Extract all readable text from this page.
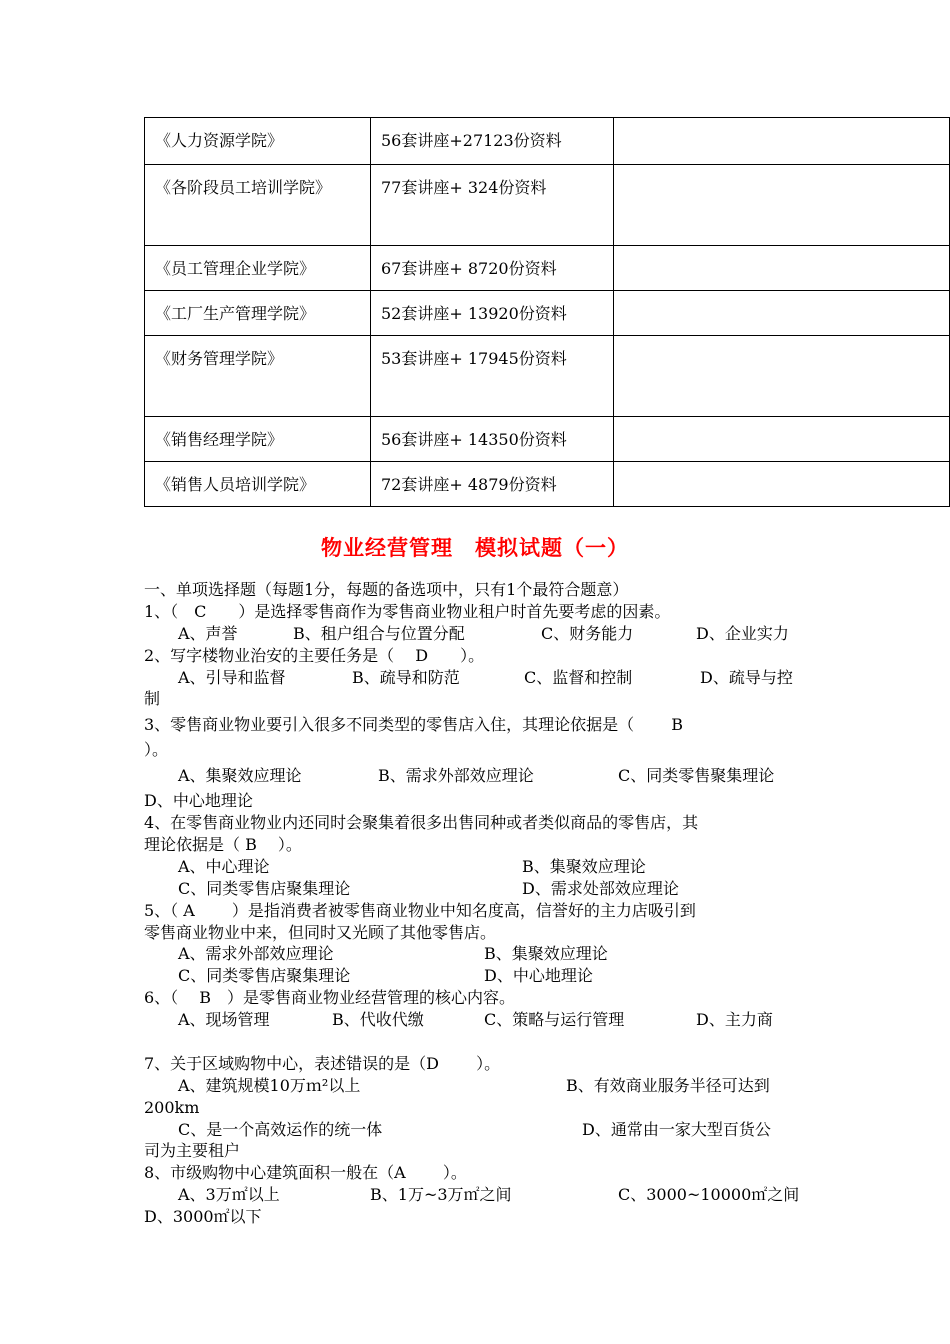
《人力资源学院》	56套讲座+27123份资料	

《各阶段员工培训学院》	77套讲座+ 324份资料	

《员工管理企业学院》	67套讲座+ 8720份资料	

《工厂生产管理学院》	52套讲座+ 13920份资料	

《财务管理学院》	53套讲座+ 17945份资料	

《销售经理学院》	56套讲座+ 14350份资料	

《销售人员培训学院》	72套讲座+ 4879份资料	

物业经营管理　模拟试题（一）
一、单项选择题（每题1分，每题的备选项中，只有1个最符合题意）
1、（　C　　）是选择零售商作为零售商业物业租户时首先要考虑的因素。
A、声誉	B、租户组合与位置分配	C、财务能力	D、企业实力
2、写字楼物业治安的主要任务是（　 D　　）。
A、引导和监督	B、疏导和防范	C、监督和控制	D、疏导与控
制
3、零售商业物业要引入很多不同类型的零售店入住，其理论依据是（　　 B
）。
A、集聚效应理论	B、需求外部效应理论	C、同类零售聚集理论
D、中心地理论
4、在零售商业物业内还同时会聚集着很多出售同种或者类似商品的零售店，其
理论依据是（ B　 ）。
A、中心理论	B、集聚效应理论
C、同类零售店聚集理论	D、需求处部效应理论
5、（ A　　 ）是指消费者被零售商业物业中知名度高，信誉好的主力店吸引到
零售商业物业中来，但同时又光顾了其他零售店。
A、需求外部效应理论	B、集聚效应理论
C、同类零售店聚集理论	D、中心地理论
6、（　 B　）是零售商业物业经营管理的核心内容。
A、现场管理	B、代收代缴	C、策略与运行管理	D、主力商
7、关于区域购物中心，表述错误的是（D　　 ）。
A、建筑规模10万ｍ²以上	B、有效商业服务半径可达到
200km
C、是一个高效运作的统一体	D、通常由一家大型百货公
司为主要租户
8、市级购物中心建筑面积一般在（A　　 ）。
A、3万㎡以上	B、1万~3万㎡之间	C、3000~10000㎡之间
D、3000㎡以下
